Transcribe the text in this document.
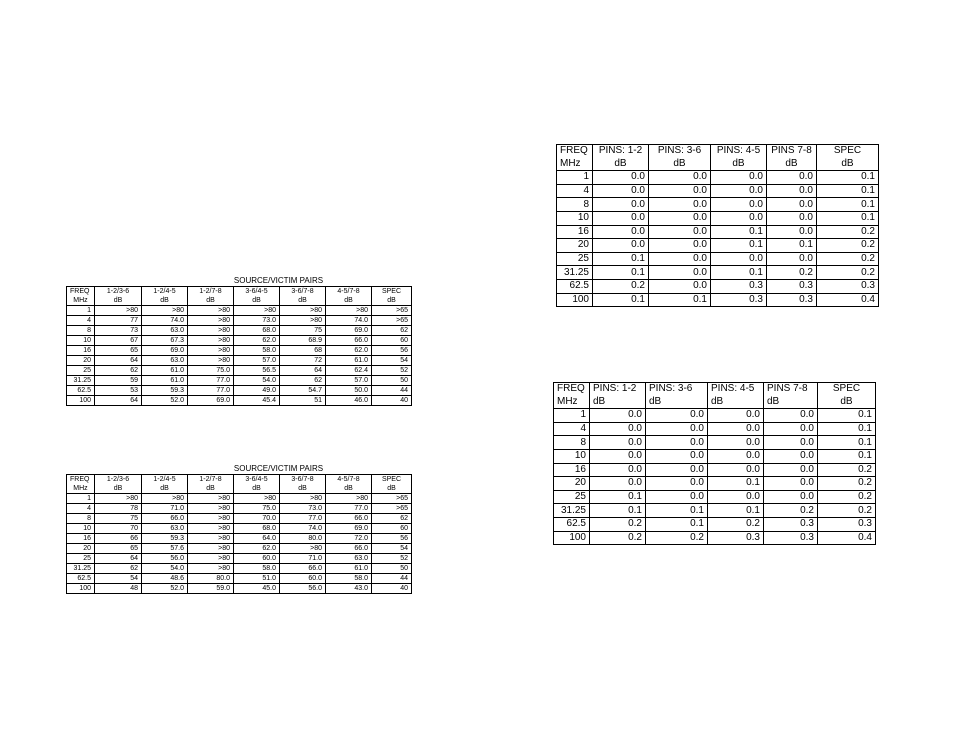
SOURCE/VICTIM PAIRS
FREQ	1-2/3-6	1-2/4-5	1-2/7-8	3-6/4-5	3-6/7-8	4-5/7-8	SPEC
MHz	dB	dB	dB	dB	dB	dB	dB
1	>80	>80	>80	>80	>80	>80	>65
4	77	74.0	>80	73.0	>80	74.0	>65
8	73	63.0	>80	68.0	75	69.0	62
10	67	67.3	>80	62.0	68.9	66.0	60
16	65	69.0	>80	58.0	68	62.0	56
20	64	63.0	>80	57.0	72	61.0	54
25	62	61.0	75.0	56.5	64	62.4	52
31.25	59	61.0	77.0	54.0	62	57.0	50
62.5	53	59.3	77.0	49.0	54.7	50.0	44
100	64	52.0	69.0	45.4	51	46.0	40
SOURCE/VICTIM PAIRS
FREQ	1-2/3-6	1-2/4-5	1-2/7-8	3-6/4-5	3-6/7-8	4-5/7-8	SPEC
MHz	dB	dB	dB	dB	dB	dB	dB
1	>80	>80	>80	>80	>80	>80	>65
4	78	71.0	>80	75.0	73.0	77.0	>65
8	75	66.0	>80	70.0	77.0	66.0	62
10	70	63.0	>80	68.0	74.0	69.0	60
16	66	59.3	>80	64.0	80.0	72.0	56
20	65	57.6	>80	62.0	>80	66.0	54
25	64	56.0	>80	60.0	71.0	63.0	52
31.25	62	54.0	>80	58.0	66.0	61.0	50
62.5	54	48.6	80.0	51.0	60.0	58.0	44
100	48	52.0	59.0	45.0	56.0	43.0	40
FREQ	PINS: 1-2	PINS: 3-6	PINS: 4-5	PINS 7-8	SPEC
MHz	dB	dB	dB	dB	dB
1	0.0	0.0	0.0	0.0	0.1
4	0.0	0.0	0.0	0.0	0.1
8	0.0	0.0	0.0	0.0	0.1
10	0.0	0.0	0.0	0.0	0.1
16	0.0	0.0	0.1	0.0	0.2
20	0.0	0.0	0.1	0.1	0.2
25	0.1	0.0	0.0	0.0	0.2
31.25	0.1	0.0	0.1	0.2	0.2
62.5	0.2	0.0	0.3	0.3	0.3
100	0.1	0.1	0.3	0.3	0.4
FREQ	PINS: 1-2	PINS: 3-6	PINS: 4-5	PINS 7-8	SPEC
MHz	dB	dB	dB	dB	dB
1	0.0	0.0	0.0	0.0	0.1
4	0.0	0.0	0.0	0.0	0.1
8	0.0	0.0	0.0	0.0	0.1
10	0.0	0.0	0.0	0.0	0.1
16	0.0	0.0	0.0	0.0	0.2
20	0.0	0.0	0.1	0.0	0.2
25	0.1	0.0	0.0	0.0	0.2
31.25	0.1	0.1	0.1	0.2	0.2
62.5	0.2	0.1	0.2	0.3	0.3
100	0.2	0.2	0.3	0.3	0.4
